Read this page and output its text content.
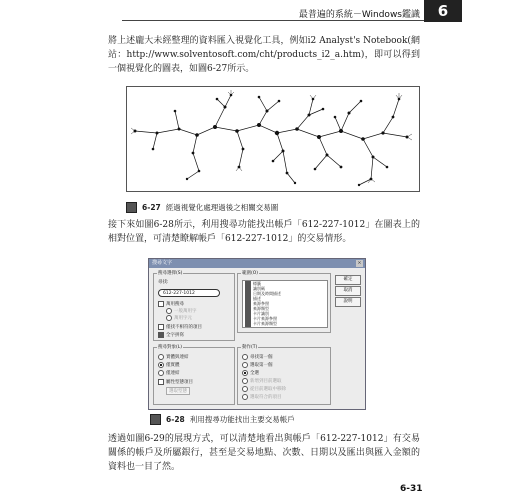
最普遍的系統－Windows鑑識	6

將上述龐大未經整理的資料匯入視覺化工具，例如i2 Analyst's Notebook(網站：http://www.solventosoft.com/cht/products_i2_a.htm)，即可以得到一個視覺化的圖表，如圖6-27所示。

6-27 經過視覺化處理過後之相關交易圖

接下來如圖6-28所示，利用搜尋功能找出帳戶「612-227-1012」在圖表上的相對位置，可清楚瞭解帳戶「612-227-1012」的交易情形。

搜尋文字	×
搜尋選擇(S)
尋找:
612-227-1012
萬用搜尋
一般萬用字
萬用字元
僅找不相符的項目
全字拼寫
範圍(O)
標籤
識別碼
日期及時間描述
描述
來源參照
來源類型
卡片識別
卡片來源參照
卡片來源類型
確定
取消
說明
搜尋對象(L)
實體與連結
僅實體
僅連結
屬性型態項目
選取型態
動作(T)
尋找第一個
選取第一個
全選
新增到目前選取
從目前選取中移除
選取符合的項目
6-28 利用搜尋功能找出主要交易帳戶

透過如圖6-29的展現方式，可以清楚地看出與帳戶「612-227-1012」有交易關係的帳戶及所屬銀行，甚至是交易地點、次數、日期以及匯出與匯入金額的資料也一目了然。

6-31
